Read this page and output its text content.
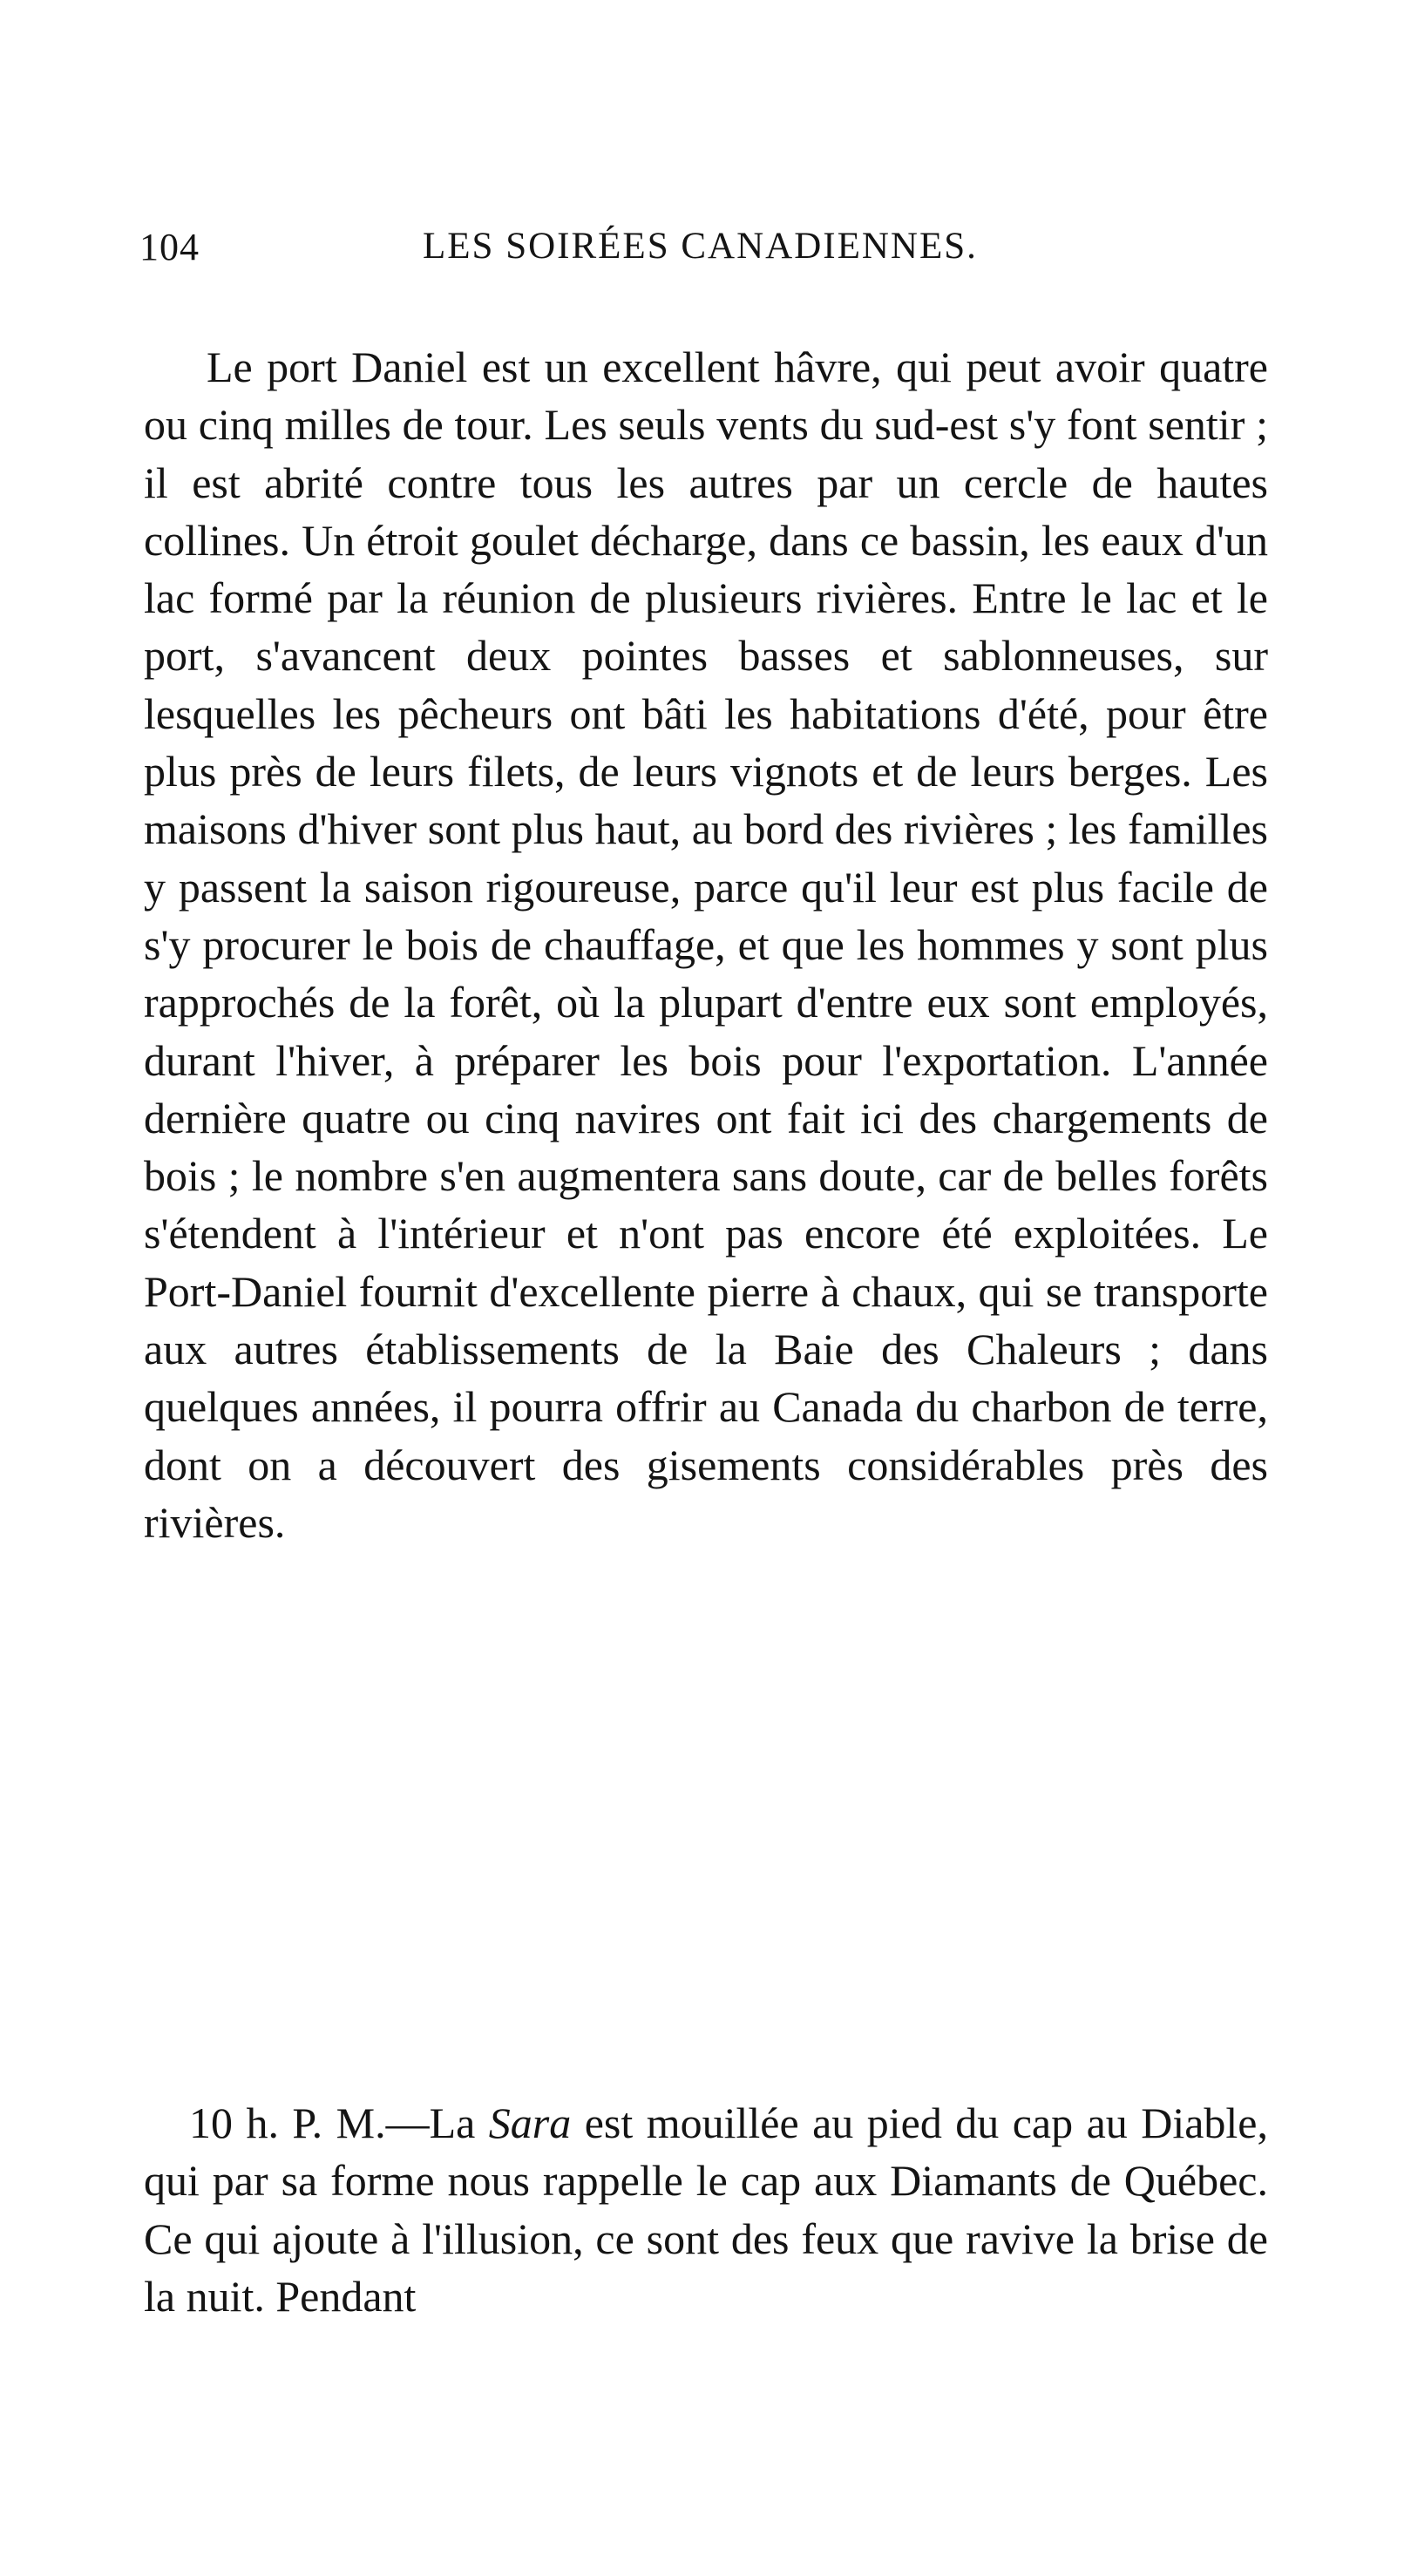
104	LES SOIRÉES CANADIENNES.

Le port Daniel est un excellent hâvre, qui peut avoir quatre ou cinq milles de tour. Les seuls vents du sud-est s'y font sentir ; il est abrité contre tous les autres par un cercle de hautes collines. Un étroit goulet décharge, dans ce bassin, les eaux d'un lac formé par la réunion de plusieurs rivières. Entre le lac et le port, s'avancent deux pointes basses et sablonneuses, sur lesquelles les pêcheurs ont bâti les habitations d'été, pour être plus près de leurs filets, de leurs vignots et de leurs berges. Les maisons d'hiver sont plus haut, au bord des rivières ; les familles y passent la saison rigoureuse, parce qu'il leur est plus facile de s'y procurer le bois de chauffage, et que les hommes y sont plus rapprochés de la forêt, où la plupart d'entre eux sont employés, durant l'hiver, à préparer les bois pour l'exportation. L'année dernière quatre ou cinq navires ont fait ici des chargements de bois ; le nombre s'en augmentera sans doute, car de belles forêts s'étendent à l'intérieur et n'ont pas encore été exploitées. Le Port-Daniel fournit d'excellente pierre à chaux, qui se transporte aux autres établissements de la Baie des Chaleurs ; dans quelques années, il pourra offrir au Canada du charbon de terre, dont on a découvert des gisements considérables près des rivières.

10 h. P. M.—La Sara est mouillée au pied du cap au Diable, qui par sa forme nous rappelle le cap aux Diamants de Québec. Ce qui ajoute à l'illusion, ce sont des feux que ravive la brise de la nuit. Pendant
